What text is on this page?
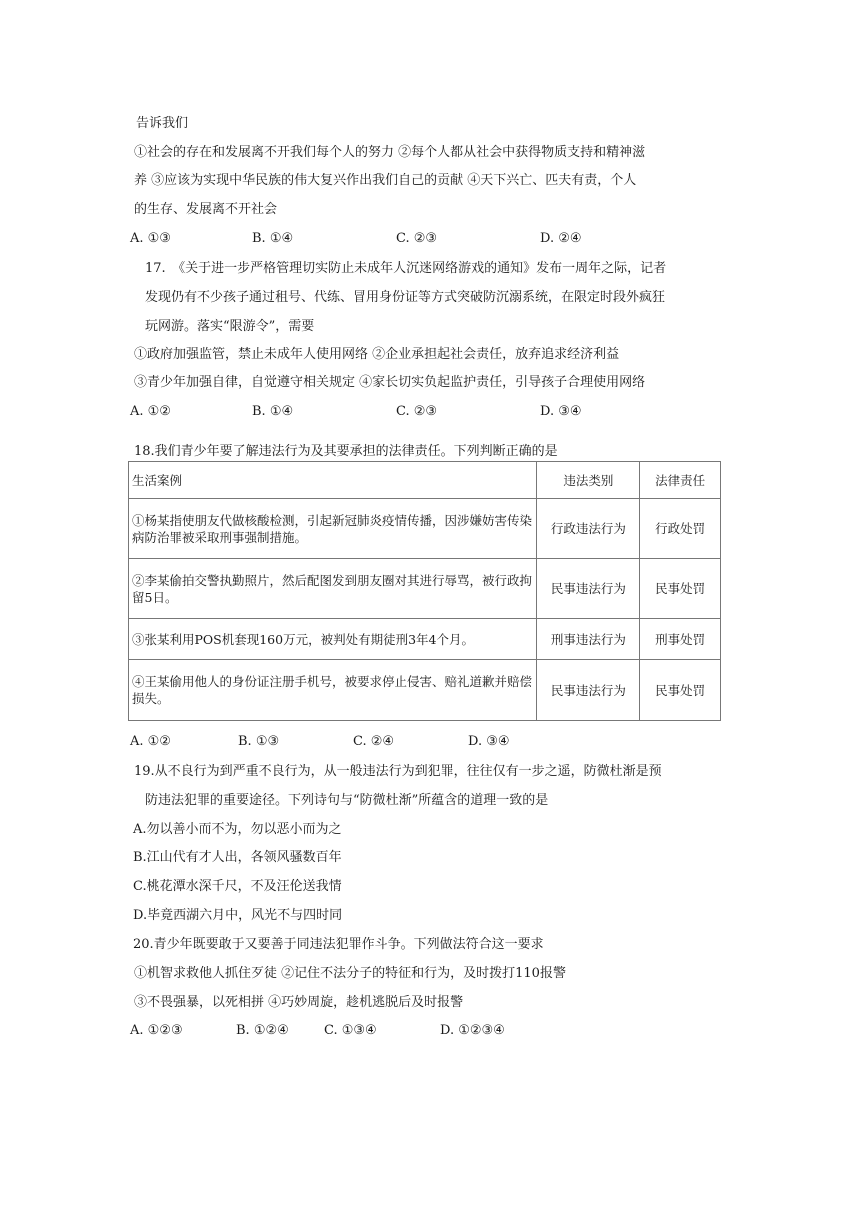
告诉我们
①社会的存在和发展离不开我们每个人的努力 ②每个人都从社会中获得物质支持和精神滋
养 ③应该为实现中华民族的伟大复兴作出我们自己的贡献 ④天下兴亡、匹夫有责，个人
的生存、发展离不开社会
A. ①③	B. ①④	C. ②③	D. ②④
17.　《关于进一步严格管理切实防止未成年人沉迷网络游戏的通知》发布一周年之际，记者
发现仍有不少孩子通过租号、代练、冒用身份证等方式突破防沉溺系统，在限定时段外疯狂
玩网游。落实“限游令”，需要
①政府加强监管，禁止未成年人使用网络 ②企业承担起社会责任，放弃追求经济利益
③青少年加强自律，自觉遵守相关规定 ④家长切实负起监护责任，引导孩子合理使用网络
A. ①②	B. ①④	C. ②③	D. ③④
18.我们青少年要了解违法行为及其要承担的法律责任。下列判断正确的是
生活案例	违法类别	法律责任
①杨某指使朋友代做核酸检测，引起新冠肺炎疫情传播，因涉嫌妨害传染病防治罪被采取刑事强制措施。	行政违法行为	行政处罚
②李某偷拍交警执勤照片，然后配图发到朋友圈对其进行辱骂，被行政拘留5日。	民事违法行为	民事处罚
③张某利用POS机套现160万元，被判处有期徒刑3年4个月。	刑事违法行为	刑事处罚
④王某偷用他人的身份证注册手机号，被要求停止侵害、赔礼道歉并赔偿损失。	民事违法行为	民事处罚
A. ①②	B. ①③	C. ②④	D. ③④
19.从不良行为到严重不良行为，从一般违法行为到犯罪，往往仅有一步之遥，防微杜渐是预
防违法犯罪的重要途径。下列诗句与“防微杜渐”所蕴含的道理一致的是
A.勿以善小而不为，勿以恶小而为之
B.江山代有才人出，各领风骚数百年
C.桃花潭水深千尺，不及汪伦送我情
D.毕竟西湖六月中，风光不与四时同
20.青少年既要敢于又要善于同违法犯罪作斗争。下列做法符合这一要求
①机智求救他人抓住歹徒 ②记住不法分子的特征和行为，及时拨打110报警
③不畏强暴，以死相拼 ④巧妙周旋，趁机逃脱后及时报警
A. ①②③	B. ①②④	C. ①③④	D. ①②③④
